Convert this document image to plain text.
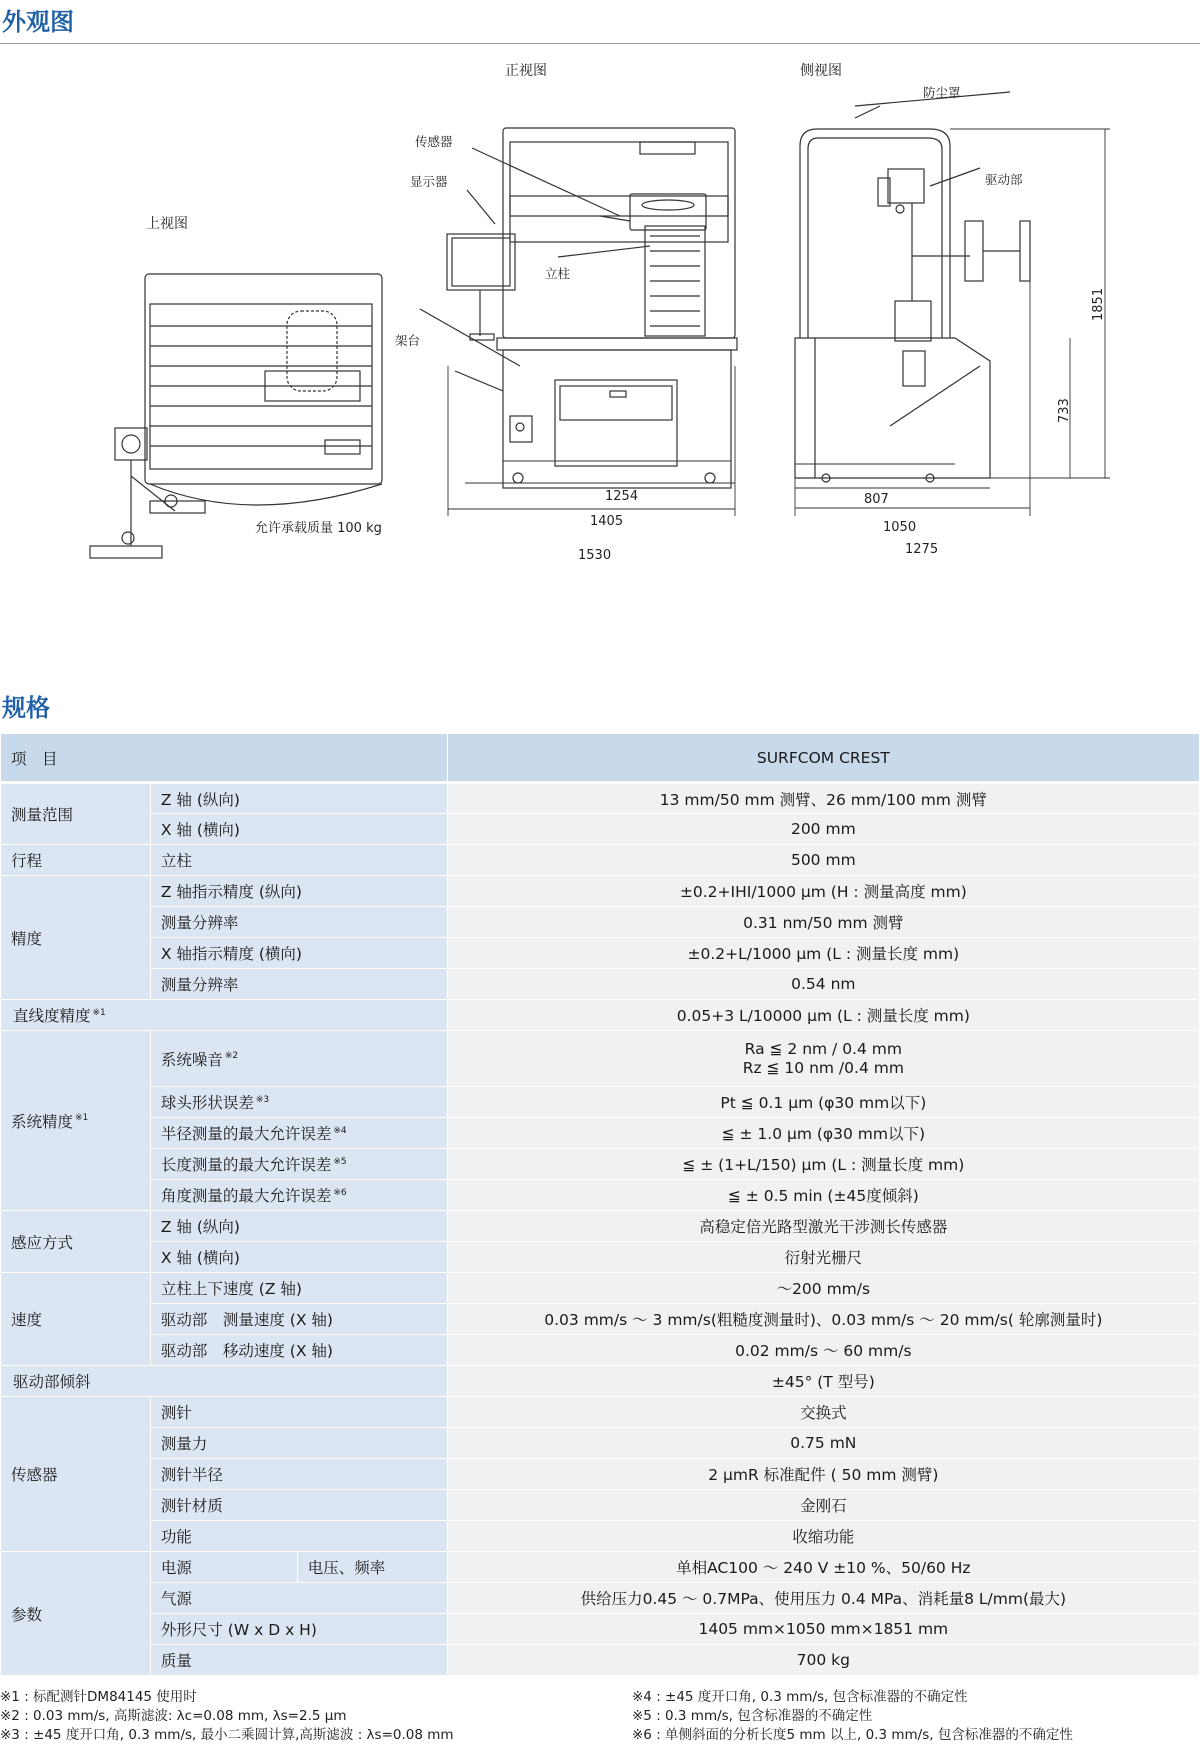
外观图
上视图
正视图	侧视图
传感器
显示器
立柱
架台
防尘罩
驱动部
允许承载质量 100 kg
1254
1405
1530
807
1050
1275
1851
733
规格
项　目			SURFCOM CREST
测量范围	Z 轴 (纵向)		13 mm/50 mm 测臂、26 mm/100 mm 测臂
	X 轴 (横向)		200 mm
行程	立柱		500 mm
精度	Z 轴指示精度 (纵向)		±0.2+IHI/1000 μm (H : 测量高度 mm)
	测量分辨率		0.31 nm/50 mm 测臂
	X 轴指示精度 (横向)		±0.2+L/1000 μm (L : 测量长度 mm)
	测量分辨率		0.54 nm
直线度精度 $^{※1}$			0.05+3 L/10000 μm (L : 测量长度 mm)
系统精度 $^{※1}$	系统噪音 $^{※2}$		Ra ≦ 2 nm / 0.4 mm
Rz ≦ 10 nm /0.4 mm

	球头形状误差 $^{※3}$		Pt ≦ 0.1 μm (φ30 mm以下)
	半径测量的最大允许误差 $^{※4}$		≦ ± 1.0 μm (φ30 mm以下)
	长度测量的最大允许误差 $^{※5}$		≦ ± (1+L/150) μm (L : 测量长度 mm)
	角度测量的最大允许误差 $^{※6}$		≦ ± 0.5 min (±45度倾斜)
感应方式	Z 轴 (纵向)		高稳定倍光路型激光干涉测长传感器
	X 轴 (横向)		衍射光栅尺
速度	立柱上下速度 (Z 轴)		～200 mm/s
	驱动部　测量速度 (X 轴)		0.03 mm/s ～ 3 mm/s(粗糙度测量时)、0.03 mm/s ～ 20 mm/s( 轮廓测量时)
	驱动部　移动速度 (X 轴)		0.02 mm/s ～ 60 mm/s
驱动部倾斜			±45° (T 型号)
传感器	测针		交换式
	测量力		0.75 mN
	测针半径		2 μmR 标准配件 ( 50 mm 测臂)
	测针材质		金刚石
	功能		收缩功能
参数	电源	电压、频率	单相AC100 ～ 240 V ±10 %、50/60 Hz
	气源		供给压力0.45 ～ 0.7MPa、使用压力 0.4 MPa、消耗量8 L/mm(最大)
	外形尺寸 (W x D x H)		1405 mm×1050 mm×1851 mm
	质量		700 kg
※1 : 标配测针DM84145 使用时
※2 : 0.03 mm/s, 高斯滤波: λc=0.08 mm, λs=2.5 μm
※3 : ±45 度开口角, 0.3 mm/s, 最小二乘圆计算,高斯滤波 : λs=0.08 mm
※4 : ±45 度开口角, 0.3 mm/s, 包含标准器的不确定性
※5 : 0.3 mm/s, 包含标准器的不确定性
※6 : 单侧斜面的分析长度5 mm 以上, 0.3 mm/s, 包含标准器的不确定性
